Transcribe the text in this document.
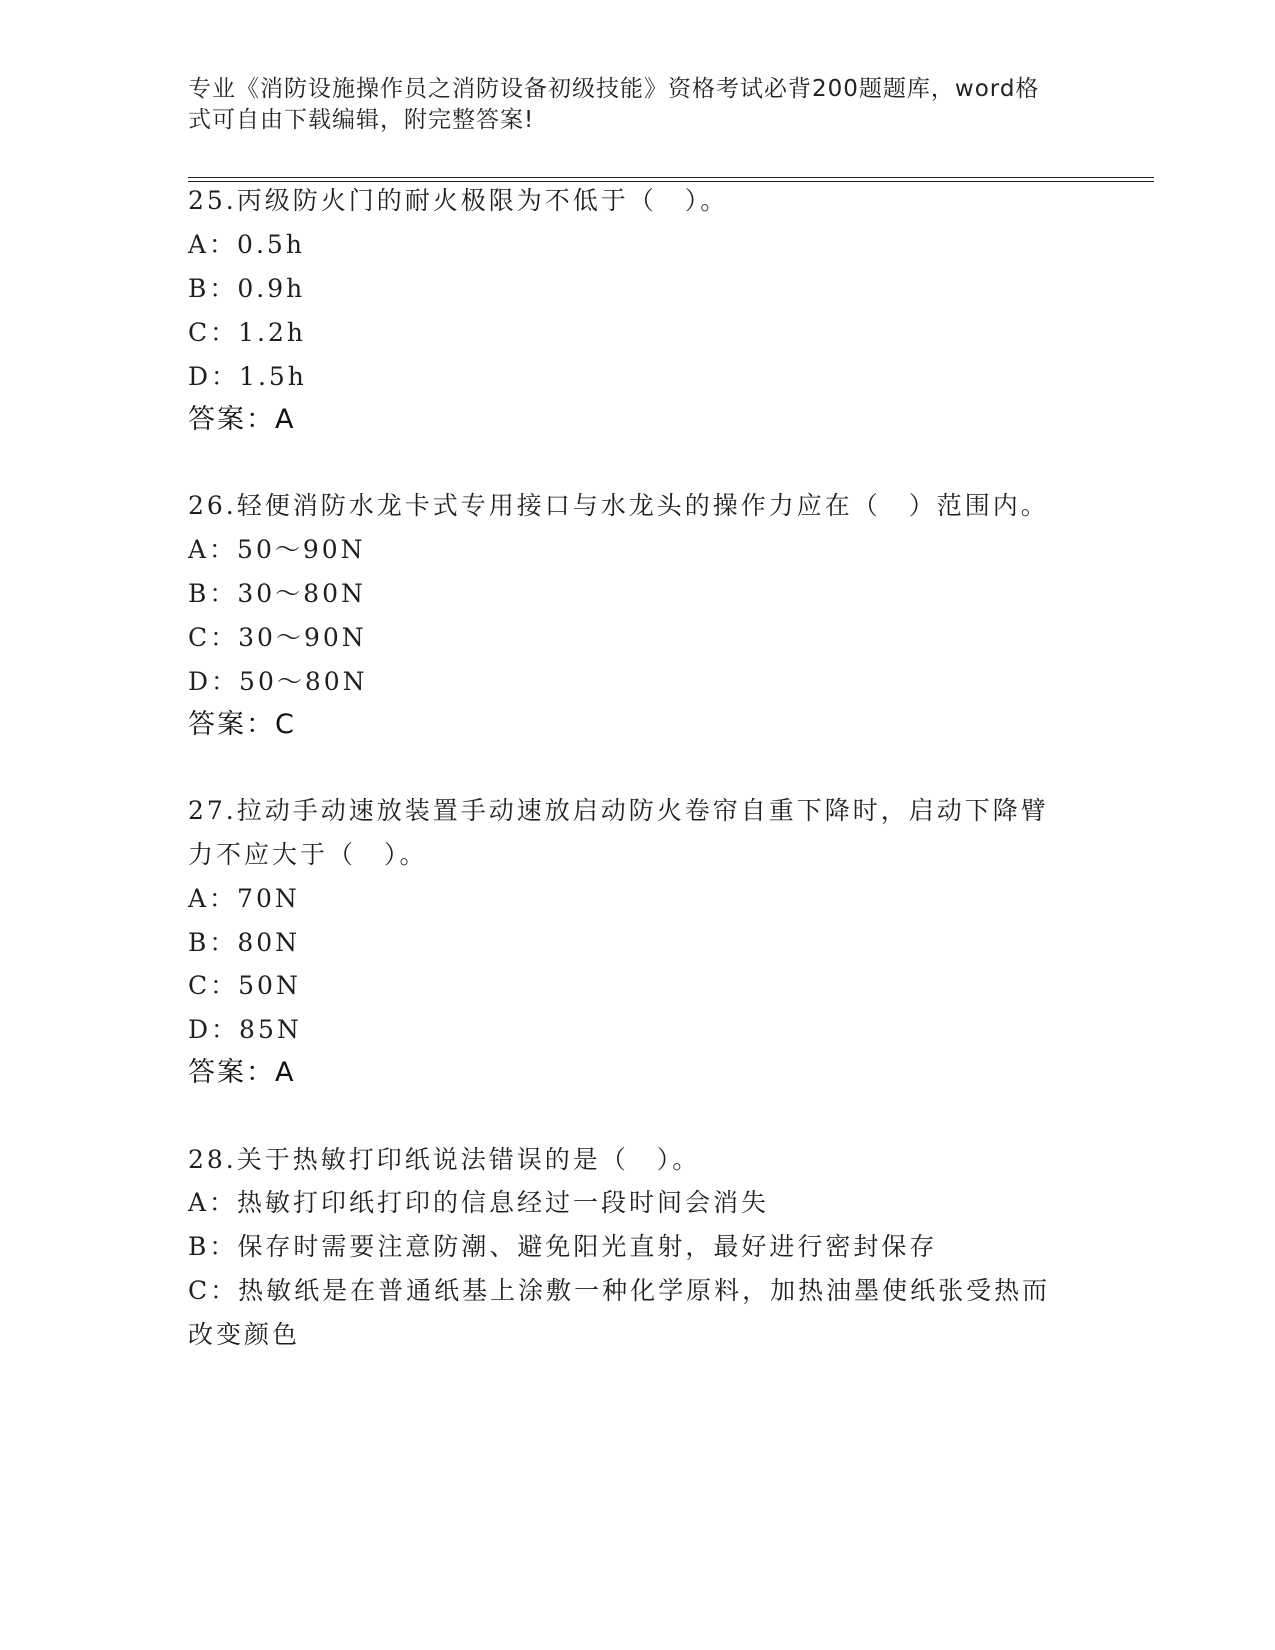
专业《消防设施操作员之消防设备初级技能》资格考试必背200题题库，word格
式可自由下载编辑，附完整答案!
25.丙级防火门的耐火极限为不低于（　）。
A：0.5h
B：0.9h
C：1.2h
D：1.5h
答案：A
26.轻便消防水龙卡式专用接口与水龙头的操作力应在（　）范围内。
A：50～90N
B：30～80N
C：30～90N
D：50～80N
答案：C
27.拉动手动速放装置手动速放启动防火卷帘自重下降时，启动下降臂
力不应大于（　）。
A：70N
B：80N
C：50N
D：85N
答案：A
28.关于热敏打印纸说法错误的是（　）。
A：热敏打印纸打印的信息经过一段时间会消失
B：保存时需要注意防潮、避免阳光直射，最好进行密封保存
C：热敏纸是在普通纸基上涂敷一种化学原料，加热油墨使纸张受热而
改变颜色
